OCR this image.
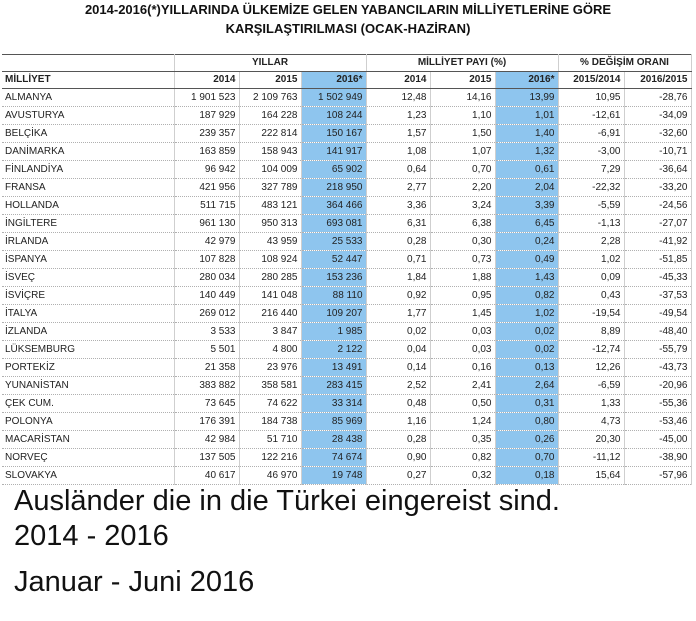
2014-2016(*)YILLARINDA ÜLKEMİZE GELEN YABANCILARIN MİLLİYETLERİNE GÖRE
KARŞILAŞTIRILMASI (OCAK-HAZİRAN)
	YILLAR			MİLLİYET PAYI (%)			% DEĞİŞİM ORANI	
MİLLİYET	2014	2015	2016*	2014	2015	2016*	2015/2014	2016/2015
ALMANYA	1 901 523	2 109 763	1 502 949	12,48	14,16	13,99	10,95	-28,76
AVUSTURYA	187 929	164 228	108 244	1,23	1,10	1,01	-12,61	-34,09
BELÇİKA	239 357	222 814	150 167	1,57	1,50	1,40	-6,91	-32,60
DANİMARKA	163 859	158 943	141 917	1,08	1,07	1,32	-3,00	-10,71
FİNLANDİYA	96 942	104 009	65 902	0,64	0,70	0,61	7,29	-36,64
FRANSA	421 956	327 789	218 950	2,77	2,20	2,04	-22,32	-33,20
HOLLANDA	511 715	483 121	364 466	3,36	3,24	3,39	-5,59	-24,56
İNGİLTERE	961 130	950 313	693 081	6,31	6,38	6,45	-1,13	-27,07
İRLANDA	42 979	43 959	25 533	0,28	0,30	0,24	2,28	-41,92
İSPANYA	107 828	108 924	52 447	0,71	0,73	0,49	1,02	-51,85
İSVEÇ	280 034	280 285	153 236	1,84	1,88	1,43	0,09	-45,33
İSVİÇRE	140 449	141 048	88 110	0,92	0,95	0,82	0,43	-37,53
İTALYA	269 012	216 440	109 207	1,77	1,45	1,02	-19,54	-49,54
İZLANDA	3 533	3 847	1 985	0,02	0,03	0,02	8,89	-48,40
LÜKSEMBURG	5 501	4 800	2 122	0,04	0,03	0,02	-12,74	-55,79
PORTEKİZ	21 358	23 976	13 491	0,14	0,16	0,13	12,26	-43,73
YUNANİSTAN	383 882	358 581	283 415	2,52	2,41	2,64	-6,59	-20,96
ÇEK CUM.	73 645	74 622	33 314	0,48	0,50	0,31	1,33	-55,36
POLONYA	176 391	184 738	85 969	1,16	1,24	0,80	4,73	-53,46
MACARİSTAN	42 984	51 710	28 438	0,28	0,35	0,26	20,30	-45,00
NORVEÇ	137 505	122 216	74 674	0,90	0,82	0,70	-11,12	-38,90
SLOVAKYA	40 617	46 970	19 748	0,27	0,32	0,18	15,64	-57,96
Ausländer die in die Türkei eingereist sind.
2014 - 2016
Januar - Juni 2016
